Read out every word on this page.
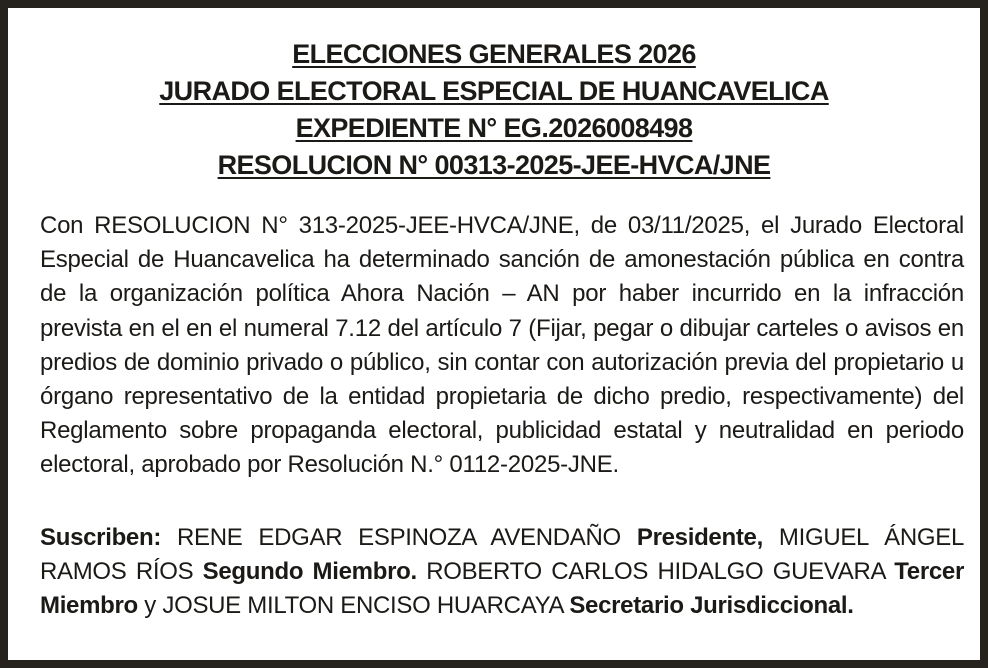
ELECCIONES GENERALES 2026
JURADO ELECTORAL ESPECIAL DE HUANCAVELICA
EXPEDIENTE N° EG.2026008498
RESOLUCION N° 00313-2025-JEE-HVCA/JNE

Con RESOLUCION N° 313-2025-JEE-HVCA/JNE, de 03/11/2025, el Jurado Electoral Especial de Huancavelica ha determinado sanción de amonestación pública en contra de la organización política Ahora Nación – AN por haber incurrido en la infracción prevista en el en el numeral 7.12 del artículo 7 (Fijar, pegar o dibujar carteles o avisos en predios de dominio privado o público, sin contar con autorización previa del propietario u órgano representativo de la entidad propietaria de dicho predio, respectivamente) del Reglamento sobre propaganda electoral, publicidad estatal y neutralidad en periodo electoral, aprobado por Resolución N.° 0112-2025-JNE.

Suscriben: RENE EDGAR ESPINOZA AVENDAÑO Presidente, MIGUEL ÁNGEL RAMOS RÍOS Segundo Miembro. ROBERTO CARLOS HIDALGO GUEVARA Tercer Miembro y JOSUE MILTON ENCISO HUARCAYA Secretario Jurisdiccional.
